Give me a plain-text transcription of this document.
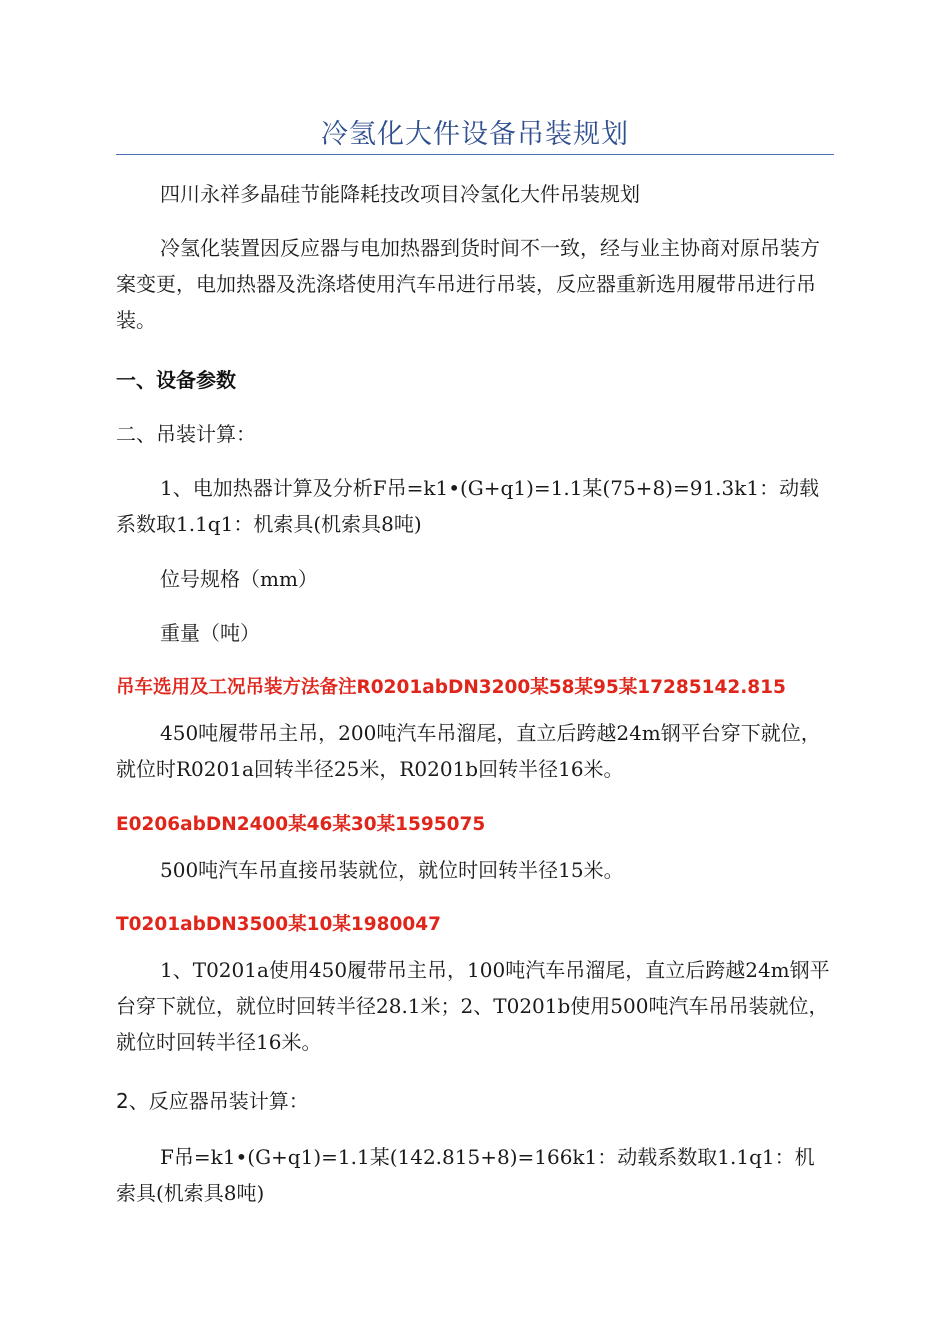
冷氢化大件设备吊装规划

四川永祥多晶硅节能降耗技改项目冷氢化大件吊装规划

冷氢化装置因反应器与电加热器到货时间不一致，经与业主协商对原吊装方案变更，电加热器及洗涤塔使用汽车吊进行吊装，反应器重新选用履带吊进行吊装。

一、设备参数

二、吊装计算：

1、电加热器计算及分析F吊=k1•(G+q1)=1.1某(75+8)=91.3k1：动载系数取1.1q1：机索具(机索具8吨)

位号规格（mm）

重量（吨）

吊车选用及工况吊装方法备注R0201abDN3200某58某95某17285142.815

450吨履带吊主吊，200吨汽车吊溜尾，直立后跨越24m钢平台穿下就位，就位时R0201a回转半径25米，R0201b回转半径16米。

E0206abDN2400某46某30某1595075

500吨汽车吊直接吊装就位，就位时回转半径15米。

T0201abDN3500某10某1980047

1、T0201a使用450履带吊主吊，100吨汽车吊溜尾，直立后跨越24m钢平台穿下就位，就位时回转半径28.1米；2、T0201b使用500吨汽车吊吊装就位，就位时回转半径16米。

2、反应器吊装计算：

F吊=k1•(G+q1)=1.1某(142.815+8)=166k1：动载系数取1.1q1：机索具(机索具8吨)
